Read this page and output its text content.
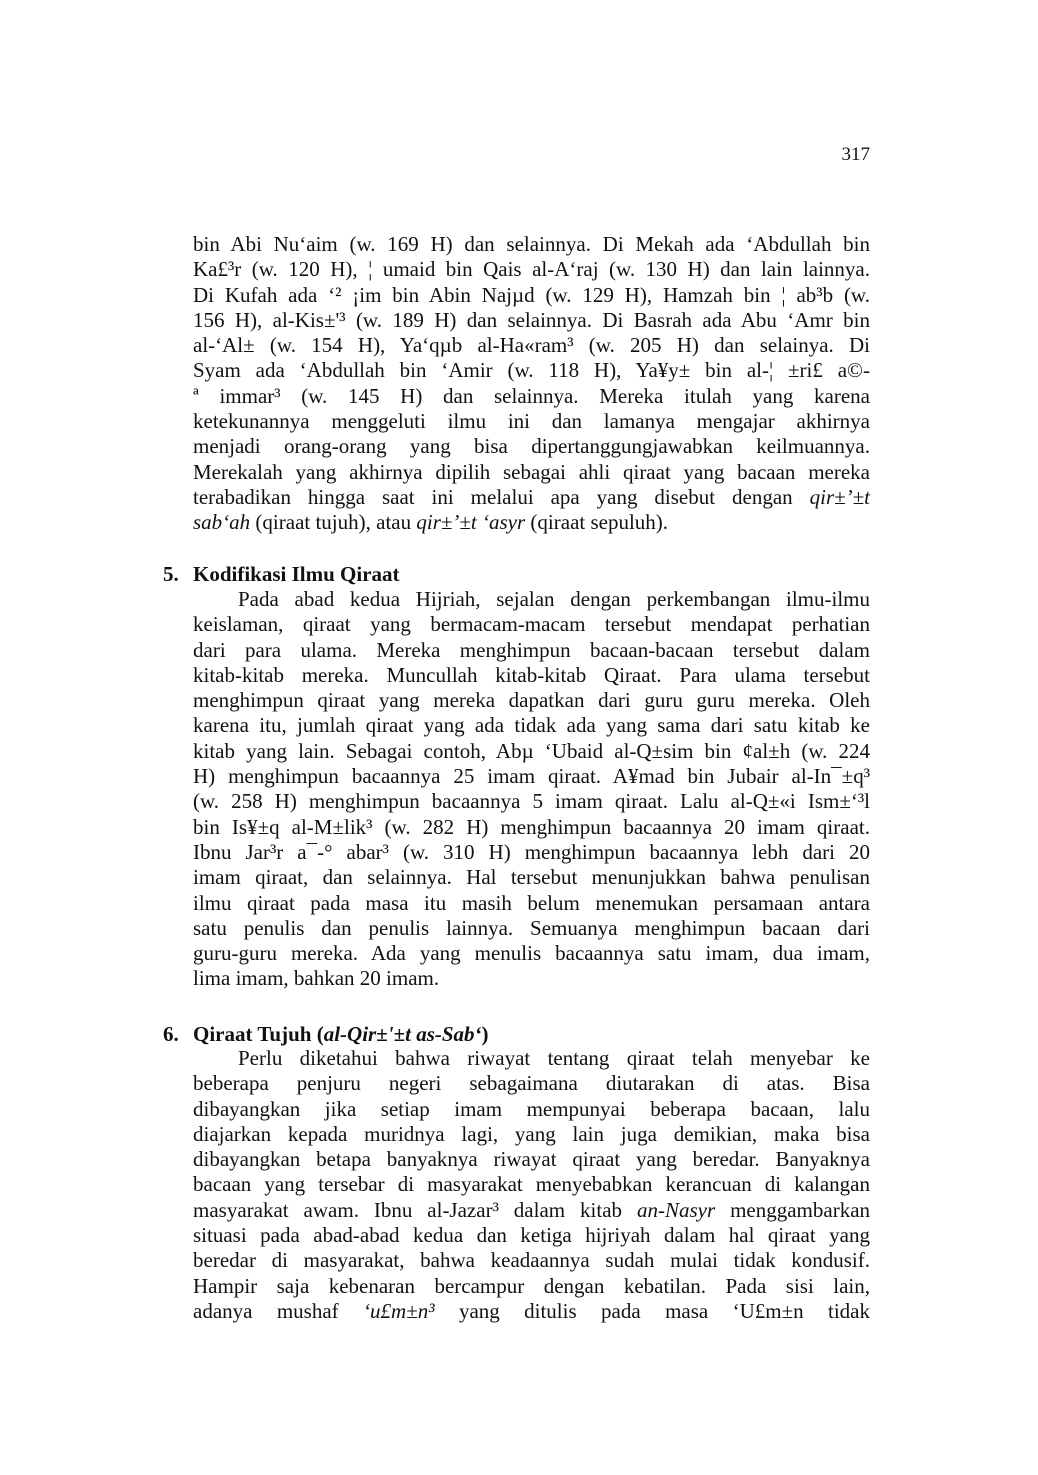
317
bin Abi Nu‘aim (w. 169 H) dan selainnya. Di Mekah ada ‘Abdullah bin
Ka£³r (w. 120 H), ¦ umaid bin Qais al-A‘raj (w. 130 H) dan lain lainnya.
Di Kufah ada ‘² ¡im bin Abin Najµd (w. 129 H), Hamzah bin ¦ ab³b (w.
156 H), al-Kis±'³ (w. 189 H) dan selainnya. Di Basrah ada Abu ‘Amr bin
al-‘Al± (w. 154 H), Ya‘qµb al-Ha«ram³ (w. 205 H) dan selainya. Di
Syam ada ‘Abdullah bin ‘Amir (w. 118 H), Ya¥y± bin al-¦ ±ri£ a©-
ª immar³ (w. 145 H) dan selainnya. Mereka itulah yang karena
ketekunannya menggeluti ilmu ini dan lamanya mengajar akhirnya
menjadi orang-orang yang bisa dipertanggungjawabkan keilmuannya.
Merekalah yang akhirnya dipilih sebagai ahli qiraat yang bacaan mereka
terabadikan hingga saat ini melalui apa yang disebut dengan qir±’±t
sab‘ah (qiraat tujuh), atau qir±’±t ‘asyr (qiraat sepuluh).
5. Kodifikasi Ilmu Qiraat
Pada abad kedua Hijriah, sejalan dengan perkembangan ilmu-ilmu
keislaman, qiraat yang bermacam-macam tersebut mendapat perhatian
dari para ulama. Mereka menghimpun bacaan-bacaan tersebut dalam
kitab-kitab mereka. Muncullah kitab-kitab Qiraat. Para ulama tersebut
menghimpun qiraat yang mereka dapatkan dari guru guru mereka. Oleh
karena itu, jumlah qiraat yang ada tidak ada yang sama dari satu kitab ke
kitab yang lain. Sebagai contoh, Abµ ‘Ubaid al-Q±sim bin ¢al±h (w. 224
H) menghimpun bacaannya 25 imam qiraat. A¥mad bin Jubair al-In¯±q³
(w. 258 H) menghimpun bacaannya 5 imam qiraat. Lalu al-Q±«i Ism±‘³l
bin Is¥±q al-M±lik³ (w. 282 H) menghimpun bacaannya 20 imam qiraat.
Ibnu Jar³r a¯-° abar³ (w. 310 H) menghimpun bacaannya lebh dari 20
imam qiraat, dan selainnya. Hal tersebut menunjukkan bahwa penulisan
ilmu qiraat pada masa itu masih belum menemukan persamaan antara
satu penulis dan penulis lainnya. Semuanya menghimpun bacaan dari
guru-guru mereka. Ada yang menulis bacaannya satu imam, dua imam,
lima imam, bahkan 20 imam.
6. Qiraat Tujuh (al-Qir±'±t as-Sab‘)
Perlu diketahui bahwa riwayat tentang qiraat telah menyebar ke
beberapa penjuru negeri sebagaimana diutarakan di atas. Bisa
dibayangkan jika setiap imam mempunyai beberapa bacaan, lalu
diajarkan kepada muridnya lagi, yang lain juga demikian, maka bisa
dibayangkan betapa banyaknya riwayat qiraat yang beredar. Banyaknya
bacaan yang tersebar di masyarakat menyebabkan kerancuan di kalangan
masyarakat awam. Ibnu al-Jazar³ dalam kitab an-Nasyr menggambarkan
situasi pada abad-abad kedua dan ketiga hijriyah dalam hal qiraat yang
beredar di masyarakat, bahwa keadaannya sudah mulai tidak kondusif.
Hampir saja kebenaran bercampur dengan kebatilan. Pada sisi lain,
adanya mushaf ‘u£m±n³ yang ditulis pada masa ‘U£m±n tidak
